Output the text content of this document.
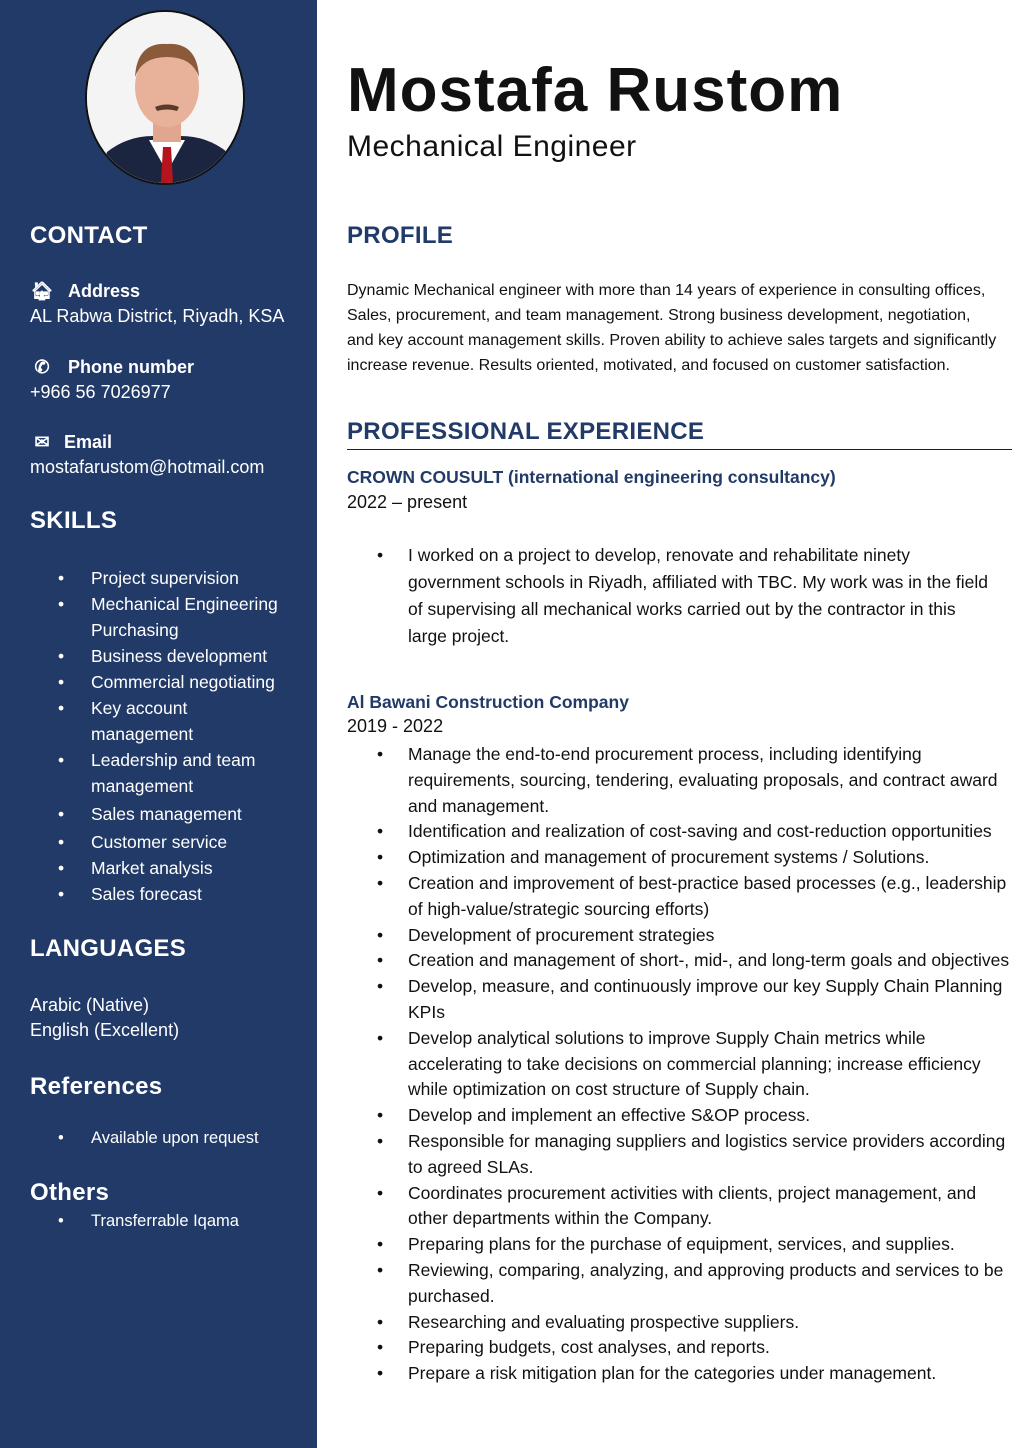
CONTACT
🏠︎ Address
AL Rabwa District, Riyadh, KSA
✆ Phone number
+966 56 7026977
✉ Email
mostafarustom@hotmail.com
SKILLS
• Project supervision
• Mechanical Engineering Purchasing
• Business development
• Commercial negotiating
• Key account management
• Leadership and team management
• Sales management
• Customer service
• Market analysis
• Sales forecast
LANGUAGES
Arabic (Native)
English (Excellent)
References
• Available upon request
Others
• Transferrable Iqama
Mostafa Rustom
Mechanical Engineer
PROFILE
Dynamic Mechanical engineer with more than 14 years of experience in consulting offices, Sales, procurement, and team management. Strong business development, negotiation, and key account management skills. Proven ability to achieve sales targets and significantly increase revenue. Results oriented, motivated, and focused on customer satisfaction.
PROFESSIONAL EXPERIENCE
CROWN COUSULT (international engineering consultancy)
2022 – present
• I worked on a project to develop, renovate and rehabilitate ninety government schools in Riyadh, affiliated with TBC. My work was in the field of supervising all mechanical works carried out by the contractor in this large project.
Al Bawani Construction Company
2019 - 2022
• Manage the end-to-end procurement process, including identifying requirements, sourcing, tendering, evaluating proposals, and contract award and management.
• Identification and realization of cost-saving and cost-reduction opportunities
• Optimization and management of procurement systems / Solutions.
• Creation and improvement of best-practice based processes (e.g., leadership of high-value/strategic sourcing efforts)
• Development of procurement strategies
• Creation and management of short-, mid-, and long-term goals and objectives
• Develop, measure, and continuously improve our key Supply Chain Planning KPIs
• Develop analytical solutions to improve Supply Chain metrics while accelerating to take decisions on commercial planning; increase efficiency while optimization on cost structure of Supply chain.
• Develop and implement an effective S&OP process.
• Responsible for managing suppliers and logistics service providers according to agreed SLAs.
• Coordinates procurement activities with clients, project management, and other departments within the Company.
• Preparing plans for the purchase of equipment, services, and supplies.
• Reviewing, comparing, analyzing, and approving products and services to be purchased.
• Researching and evaluating prospective suppliers.
• Preparing budgets, cost analyses, and reports.
• Prepare a risk mitigation plan for the categories under management.
